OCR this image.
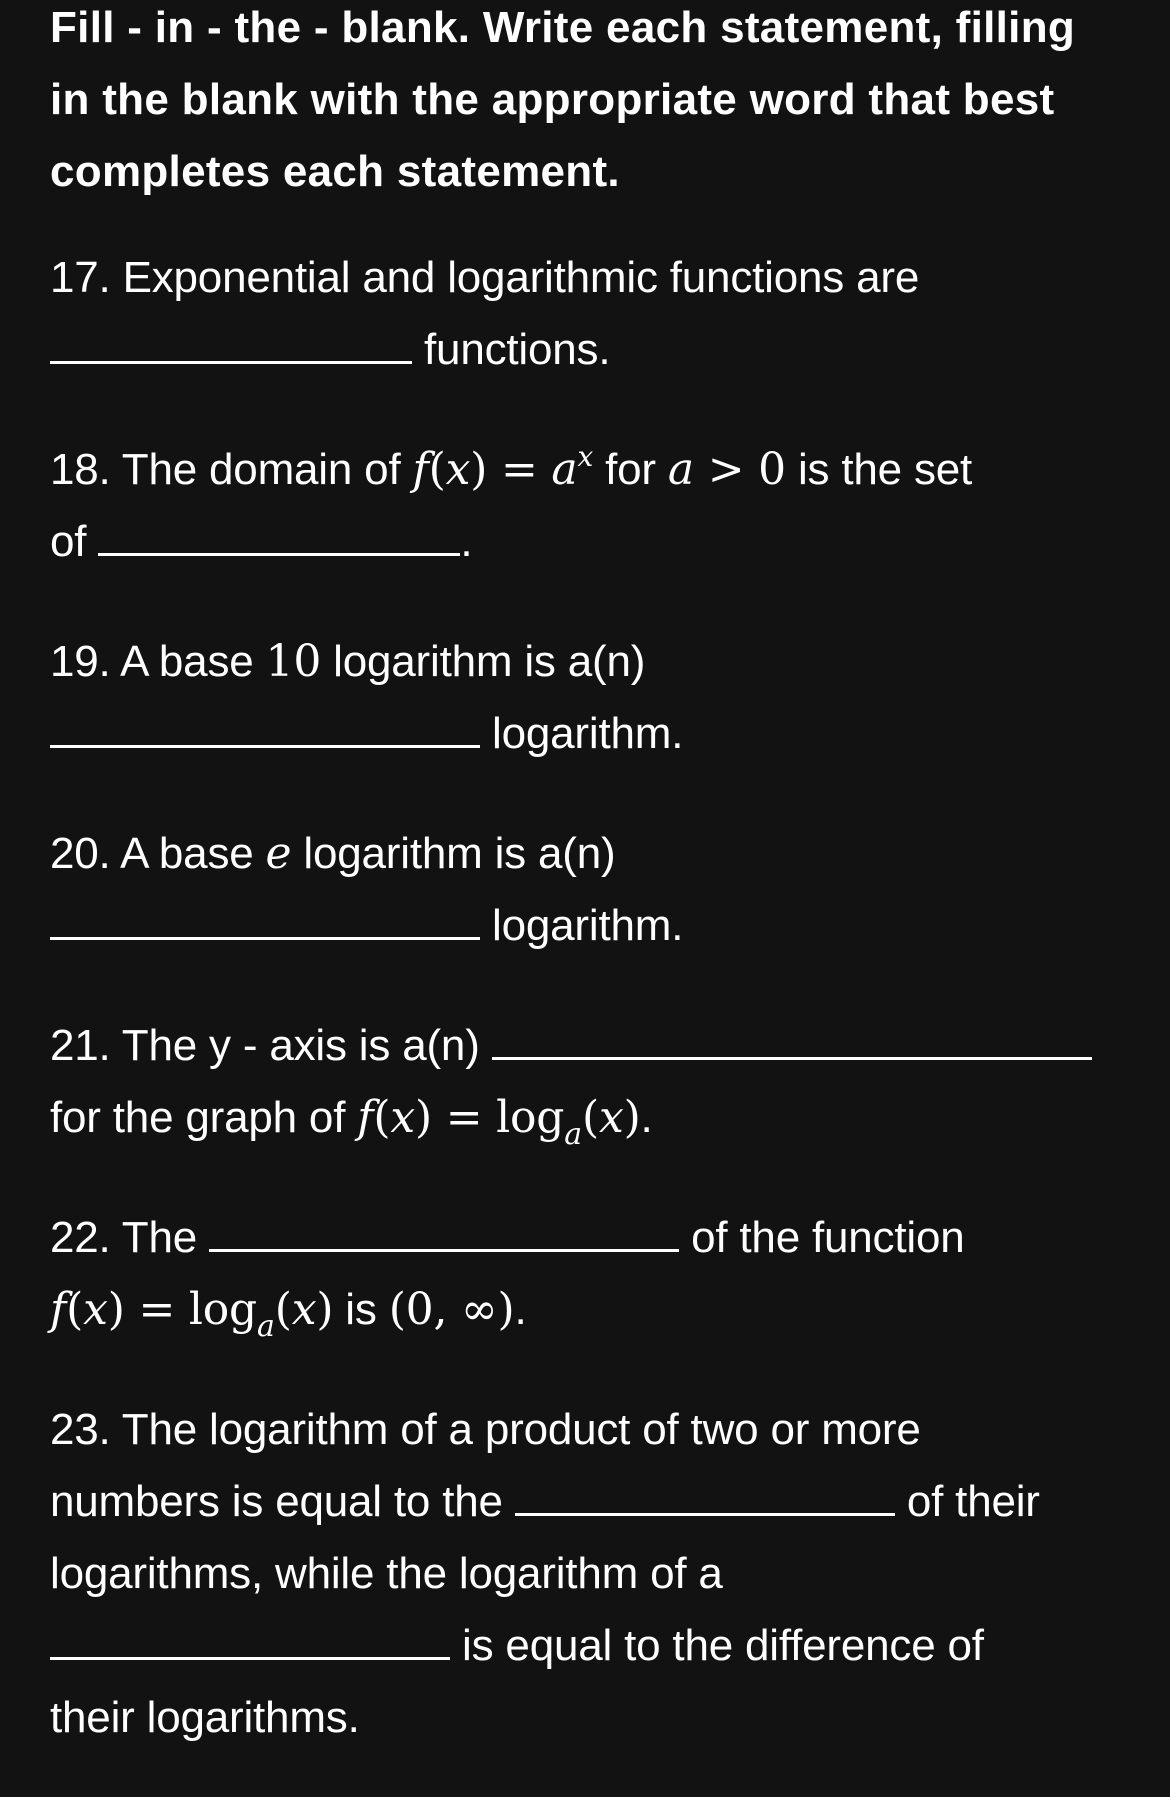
Fill - in - the - blank. Write each statement, filling in the blank with the appropriate word that best completes each statement.
17. Exponential and logarithmic functions are
functions.
18. The domain of $f(x) = a^x$ for a > 0 is the set
of	.
19. A base 10 logarithm is a(n)
logarithm.
20. A base e logarithm is a(n)
logarithm.
21. The y - axis is a(n)
for the graph of $f(x) = \log_a(x)$.
22. The	of the function
$f(x) = \log_a(x)$ is (0, ∞).
23. The logarithm of a product of two or more
numbers is equal to the	of their
logarithms, while the logarithm of a
is equal to the difference of
their logarithms.
